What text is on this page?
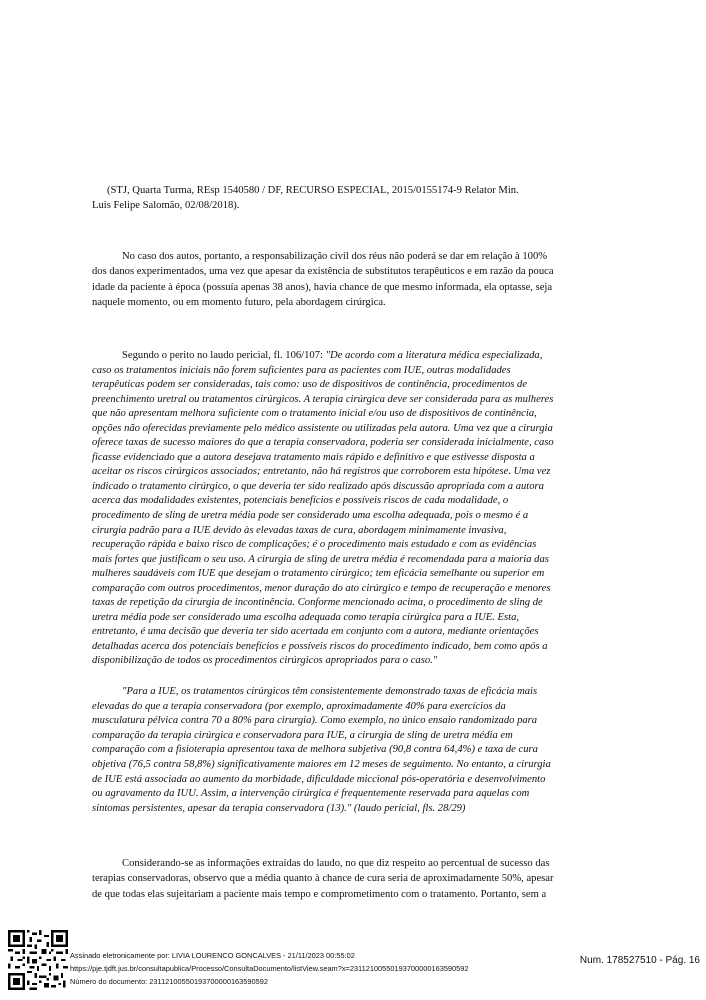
(STJ, Quarta Turma, REsp 1540580 / DF, RECURSO ESPECIAL, 2015/0155174-9 Relator Min.
Luis Felipe Salomão, 02/08/2018).

No caso dos autos, portanto, a responsabilização civil dos réus não poderá se dar em relação à 100%
dos danos experimentados, uma vez que apesar da existência de substitutos terapêuticos e em razão da pouca
idade da paciente à época (possuía apenas 38 anos), havia chance de que mesmo informada, ela optasse, seja
naquele momento, ou em momento futuro, pela abordagem cirúrgica.

Segundo o perito no laudo pericial, fl. 106/107: "De acordo com a literatura médica especializada,
caso os tratamentos iniciais não forem suficientes para as pacientes com IUE, outras modalidades
terapêuticas podem ser consideradas, tais como: uso de dispositivos de continência, procedimentos de
preenchimento uretral ou tratamentos cirúrgicos. A terapia cirúrgica deve ser considerada para as mulheres
que não apresentam melhora suficiente com o tratamento inicial e/ou uso de dispositivos de continência,
opções não oferecidas previamente pelo médico assistente ou utilizadas pela autora. Uma vez que a cirurgia
oferece taxas de sucesso maiores do que a terapia conservadora, poderia ser considerada inicialmente, caso
ficasse evidenciado que a autora desejava tratamento mais rápido e definitivo e que estivesse disposta a
aceitar os riscos cirúrgicos associados; entretanto, não há registros que corroborem esta hipótese. Uma vez
indicado o tratamento cirúrgico, o que deveria ter sido realizado após discussão apropriada com a autora
acerca das modalidades existentes, potenciais benefícios e possíveis riscos de cada modalidade, o
procedimento de sling de uretra média pode ser considerado uma escolha adequada, pois o mesmo é a
cirurgia padrão para a IUE devido às elevadas taxas de cura, abordagem minimamente invasiva,
recuperação rápida e baixo risco de complicações; é o procedimento mais estudado e com as evidências
mais fortes que justificam o seu uso. A cirurgia de sling de uretra média é recomendada para a maioria das
mulheres saudáveis com IUE que desejam o tratamento cirúrgico; tem eficácia semelhante ou superior em
comparação com outros procedimentos, menor duração do ato cirúrgico e tempo de recuperação e menores
taxas de repetição da cirurgia de incontinência. Conforme mencionado acima, o procedimento de sling de
uretra média pode ser considerado uma escolha adequada como terapia cirúrgica para a IUE. Esta,
entretanto, é uma decisão que deveria ter sido acertada em conjunto com a autora, mediante orientações
detalhadas acerca dos potenciais benefícios e possíveis riscos do procedimento indicado, bem como após a
disponibilização de todos os procedimentos cirúrgicos apropriados para o caso."

"Para a IUE, os tratamentos cirúrgicos têm consistentemente demonstrado taxas de eficácia mais
elevadas do que a terapia conservadora (por exemplo, aproximadamente 40% para exercícios da
musculatura pélvica contra 70 a 80% para cirurgia). Como exemplo, no único ensaio randomizado para
comparação da terapia cirúrgica e conservadora para IUE, a cirurgia de sling de uretra média em
comparação com a fisioterapia apresentou taxa de melhora subjetiva (90,8 contra 64,4%) e taxa de cura
objetiva (76,5 contra 58,8%) significativamente maiores em 12 meses de seguimento. No entanto, a cirurgia
de IUE está associada ao aumento da morbidade, dificuldade miccional pós-operatória e desenvolvimento
ou agravamento da IUU. Assim, a intervenção cirúrgica é frequentemente reservada para aquelas com
sintomas persistentes, apesar da terapia conservadora (13)." (laudo pericial, fls. 28/29)

Considerando-se as informações extraídas do laudo, no que diz respeito ao percentual de sucesso das
terapias conservadoras, observo que a média quanto à chance de cura seria de aproximadamente 50%, apesar
de que todas elas sujeitariam a paciente mais tempo e comprometimento com o tratamento. Portanto, sem a

Assinado eletronicamente por: LIVIA LOURENCO GONCALVES - 21/11/2023 00:55:02
https://pje.tjdft.jus.br/consultapublica/Processo/ConsultaDocumento/listView.seam?x=23112100550193700000163590592
Número do documento: 23112100550193700000163590592
Num. 178527510 - Pág. 16
